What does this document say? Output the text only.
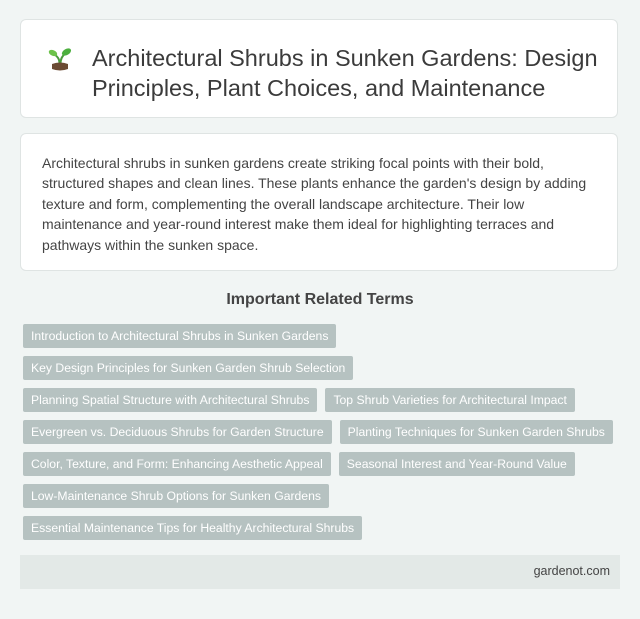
Architectural Shrubs in Sunken Gardens: Design Principles, Plant Choices, and Maintenance

Architectural shrubs in sunken gardens create striking focal points with their bold, structured shapes and clean lines. These plants enhance the garden's design by adding texture and form, complementing the overall landscape architecture. Their low maintenance and year-round interest make them ideal for highlighting terraces and pathways within the sunken space.

Important Related Terms
Introduction to Architectural Shrubs in Sunken Gardens
Key Design Principles for Sunken Garden Shrub Selection
Planning Spatial Structure with Architectural Shrubs	Top Shrub Varieties for Architectural Impact
Evergreen vs. Deciduous Shrubs for Garden Structure	Planting Techniques for Sunken Garden Shrubs
Color, Texture, and Form: Enhancing Aesthetic Appeal	Seasonal Interest and Year-Round Value
Low-Maintenance Shrub Options for Sunken Gardens
Essential Maintenance Tips for Healthy Architectural Shrubs
gardenot.com
